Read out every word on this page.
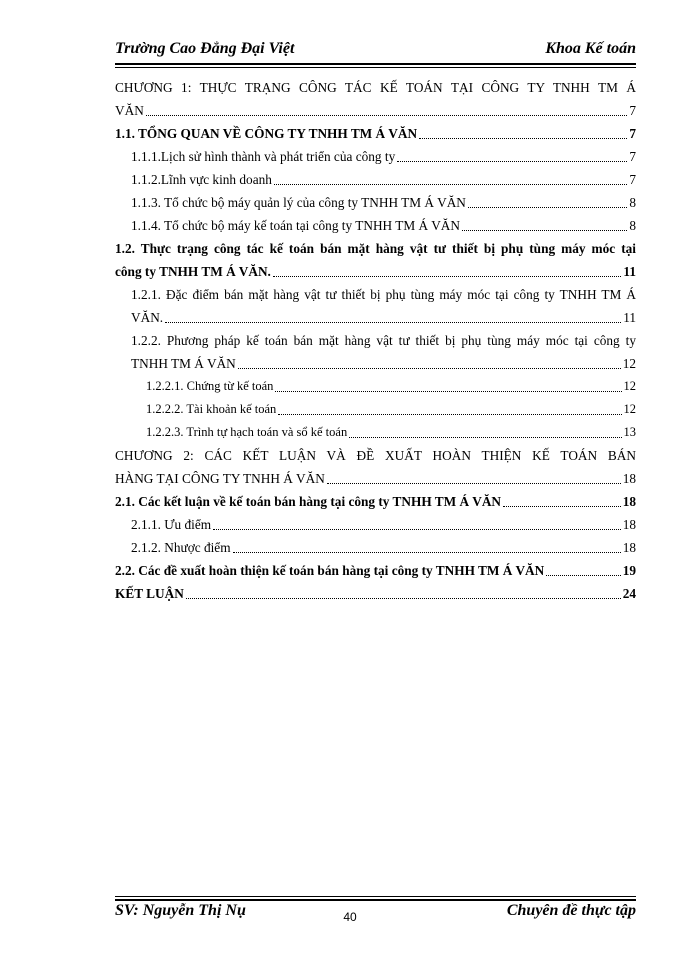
Trường Cao Đẳng Đại Việt	Khoa Kế toán
CHƯƠNG 1: THỰC TRẠNG CÔNG TÁC KẾ TOÁN TẠI CÔNG TY TNHH TM Á
VĂN	7
1.1. TỔNG QUAN VỀ CÔNG TY TNHH TM Á VĂN	7
1.1.1.Lịch sử hình thành và phát triển của công ty	7
1.1.2.Lĩnh vực kinh doanh	7
1.1.3. Tổ chức bộ máy quản lý của công ty TNHH TM Á VĂN	8
1.1.4. Tổ chức bộ máy kế toán tại công ty TNHH TM Á VĂN	8
1.2. Thực trạng công tác kế toán bán mặt hàng vật tư thiết bị phụ tùng máy móc tại
công ty TNHH TM Á VĂN.	11
1.2.1. Đặc điểm bán mặt hàng vật tư thiết bị phụ tùng máy móc tại công ty TNHH TM Á
VĂN.	11
1.2.2. Phương pháp kế toán bán mặt hàng vật tư thiết bị phụ tùng máy móc tại công ty
TNHH TM Á VĂN	12
1.2.2.1. Chứng từ kế toán	12
1.2.2.2. Tài khoản kế toán	12
1.2.2.3. Trình tự hạch toán và sổ kế toán	13
CHƯƠNG 2: CÁC KẾT LUẬN VÀ ĐỀ XUẤT HOÀN THIỆN KẾ TOÁN BÁN
HÀNG TẠI CÔNG TY TNHH Á VĂN	18
2.1. Các kết luận về kế toán bán hàng tại công ty TNHH TM Á VĂN	18
2.1.1. Ưu điểm	18
2.1.2. Nhược điểm	18
2.2. Các đề xuất hoàn thiện kế toán bán hàng tại công ty TNHH TM Á VĂN	19
KẾT LUẬN	24
SV: Nguyễn Thị Nụ	Chuyên đề thực tập
40
